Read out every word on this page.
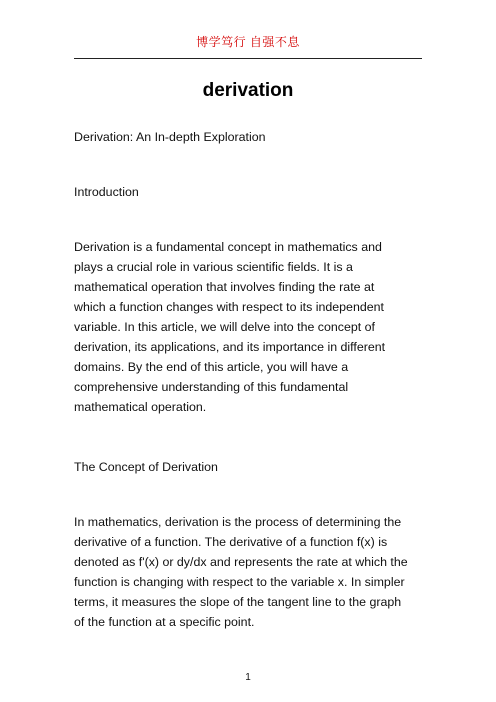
博学笃行 自强不息
derivation
Derivation: An In-depth Exploration
Introduction
Derivation is a fundamental concept in mathematics and
plays a crucial role in various scientific fields. It is a
mathematical operation that involves finding the rate at
which a function changes with respect to its independent
variable. In this article, we will delve into the concept of
derivation, its applications, and its importance in different
domains. By the end of this article, you will have a
comprehensive understanding of this fundamental
mathematical operation.
The Concept of Derivation
In mathematics, derivation is the process of determining the
derivative of a function. The derivative of a function f(x) is
denoted as f'(x) or dy/dx and represents the rate at which the
function is changing with respect to the variable x. In simpler
terms, it measures the slope of the tangent line to the graph
of the function at a specific point.
1
